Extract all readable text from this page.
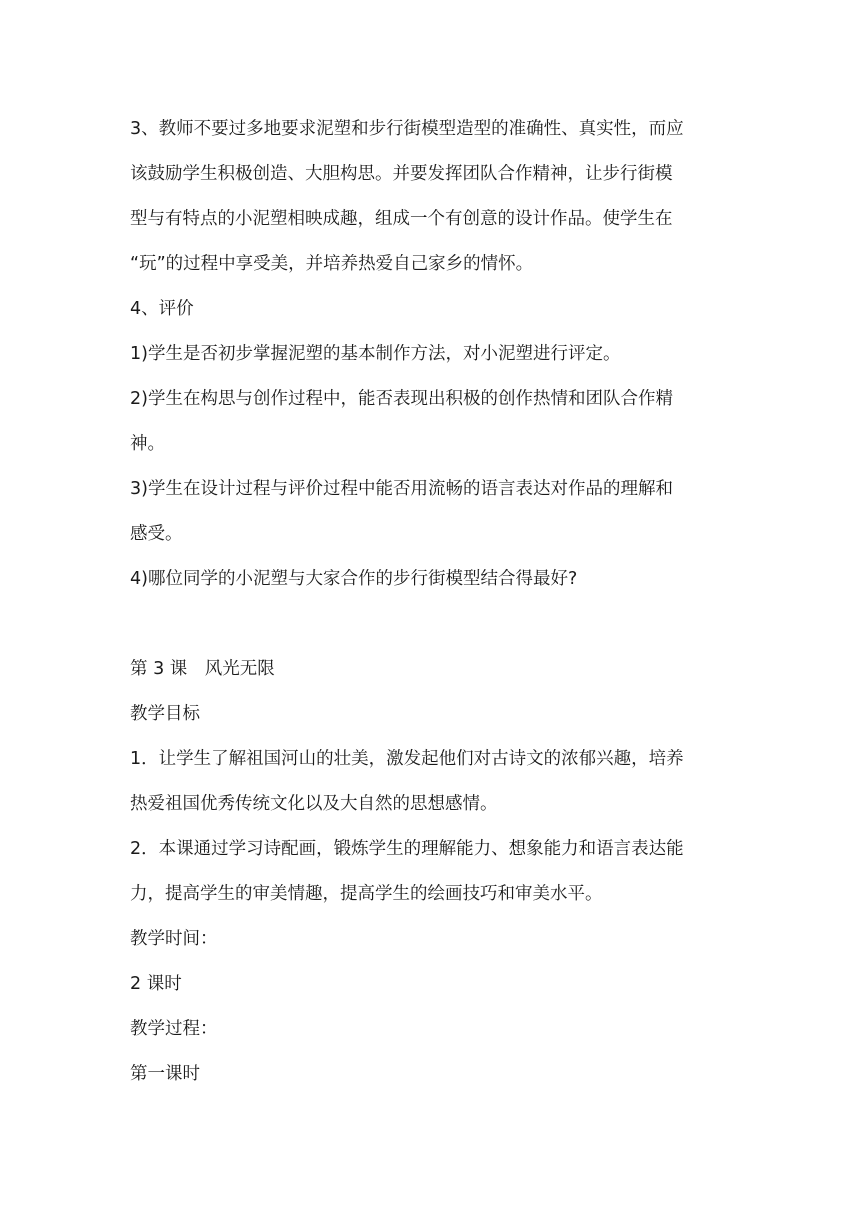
3、教师不要过多地要求泥塑和步行街模型造型的准确性、真实性，而应
该鼓励学生积极创造、大胆构思。并要发挥团队合作精神，让步行街模
型与有特点的小泥塑相映成趣，组成一个有创意的设计作品。使学生在
“玩”的过程中享受美，并培养热爱自己家乡的情怀。
4、评价
1)学生是否初步掌握泥塑的基本制作方法，对小泥塑进行评定。
2)学生在构思与创作过程中，能否表现出积极的创作热情和团队合作精
神。
3)学生在设计过程与评价过程中能否用流畅的语言表达对作品的理解和
感受。
4)哪位同学的小泥塑与大家合作的步行街模型结合得最好?
第 3 课　风光无限
教学目标
1．让学生了解祖国河山的壮美，激发起他们对古诗文的浓郁兴趣，培养
热爱祖国优秀传统文化以及大自然的思想感情。
2．本课通过学习诗配画，锻炼学生的理解能力、想象能力和语言表达能
力，提高学生的审美情趣，提高学生的绘画技巧和审美水平。
教学时间：
2 课时
教学过程：
第一课时
